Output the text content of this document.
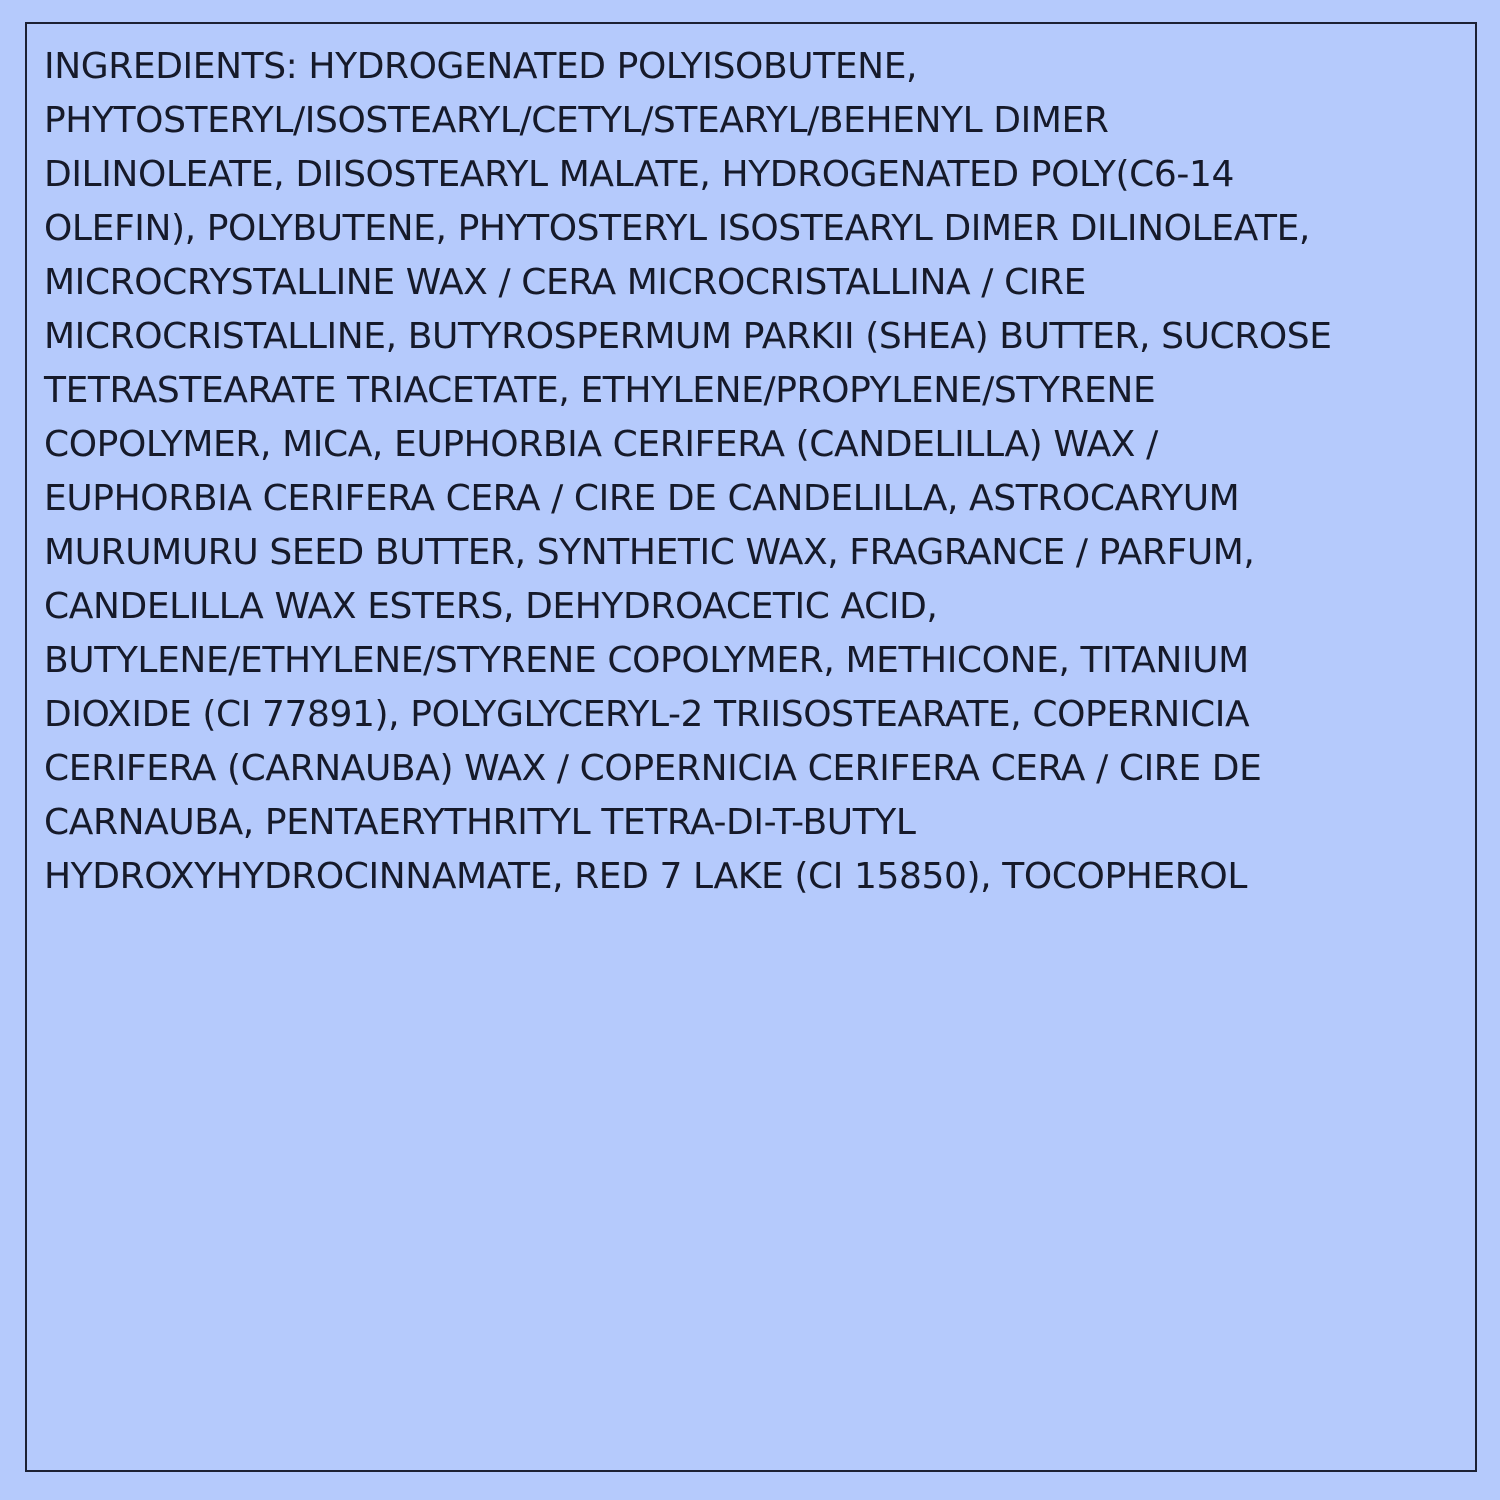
INGREDIENTS: HYDROGENATED POLYISOBUTENE,
PHYTOSTERYL/ISOSTEARYL/CETYL/STEARYL/BEHENYL DIMER
DILINOLEATE, DIISOSTEARYL MALATE, HYDROGENATED POLY(C6-14
OLEFIN), POLYBUTENE, PHYTOSTERYL ISOSTEARYL DIMER DILINOLEATE,
MICROCRYSTALLINE WAX / CERA MICROCRISTALLINA / CIRE
MICROCRISTALLINE, BUTYROSPERMUM PARKII (SHEA) BUTTER, SUCROSE
TETRASTEARATE TRIACETATE, ETHYLENE/PROPYLENE/STYRENE
COPOLYMER, MICA, EUPHORBIA CERIFERA (CANDELILLA) WAX /
EUPHORBIA CERIFERA CERA / CIRE DE CANDELILLA, ASTROCARYUM
MURUMURU SEED BUTTER, SYNTHETIC WAX, FRAGRANCE / PARFUM,
CANDELILLA WAX ESTERS, DEHYDROACETIC ACID,
BUTYLENE/ETHYLENE/STYRENE COPOLYMER, METHICONE, TITANIUM
DIOXIDE (CI 77891), POLYGLYCERYL-2 TRIISOSTEARATE, COPERNICIA
CERIFERA (CARNAUBA) WAX / COPERNICIA CERIFERA CERA / CIRE DE
CARNAUBA, PENTAERYTHRITYL TETRA-DI-T-BUTYL
HYDROXYHYDROCINNAMATE, RED 7 LAKE (CI 15850), TOCOPHEROL
